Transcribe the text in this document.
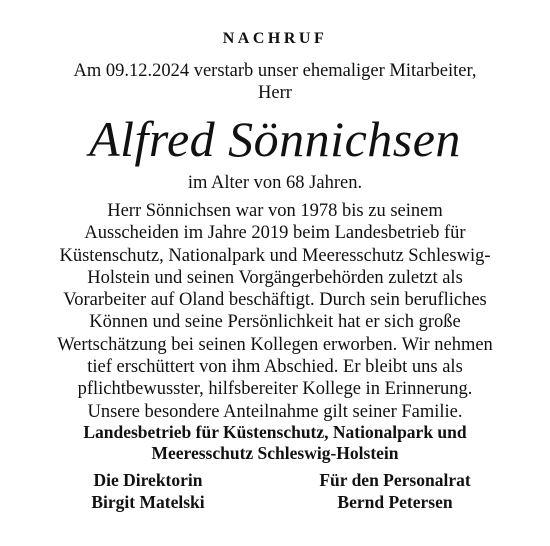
NACHRUF
Am 09.12.2024 verstarb unser ehemaliger Mitarbeiter,
Herr
Alfred Sönnichsen
im Alter von 68 Jahren.
Herr Sönnichsen war von 1978 bis zu seinem
Ausscheiden im Jahre 2019 beim Landesbetrieb für
Küstenschutz, Nationalpark und Meeresschutz Schleswig-
Holstein und seinen Vorgängerbehörden zuletzt als
Vorarbeiter auf Oland beschäftigt. Durch sein berufliches
Können und seine Persönlichkeit hat er sich große
Wertschätzung bei seinen Kollegen erworben. Wir nehmen
tief erschüttert von ihm Abschied. Er bleibt uns als
pflichtbewusster, hilfsbereiter Kollege in Erinnerung.
Unsere besondere Anteilnahme gilt seiner Familie.
Landesbetrieb für Küstenschutz, Nationalpark und
Meeresschutz Schleswig-Holstein
Die Direktorin
Birgit Matelski
Für den Personalrat
Bernd Petersen
